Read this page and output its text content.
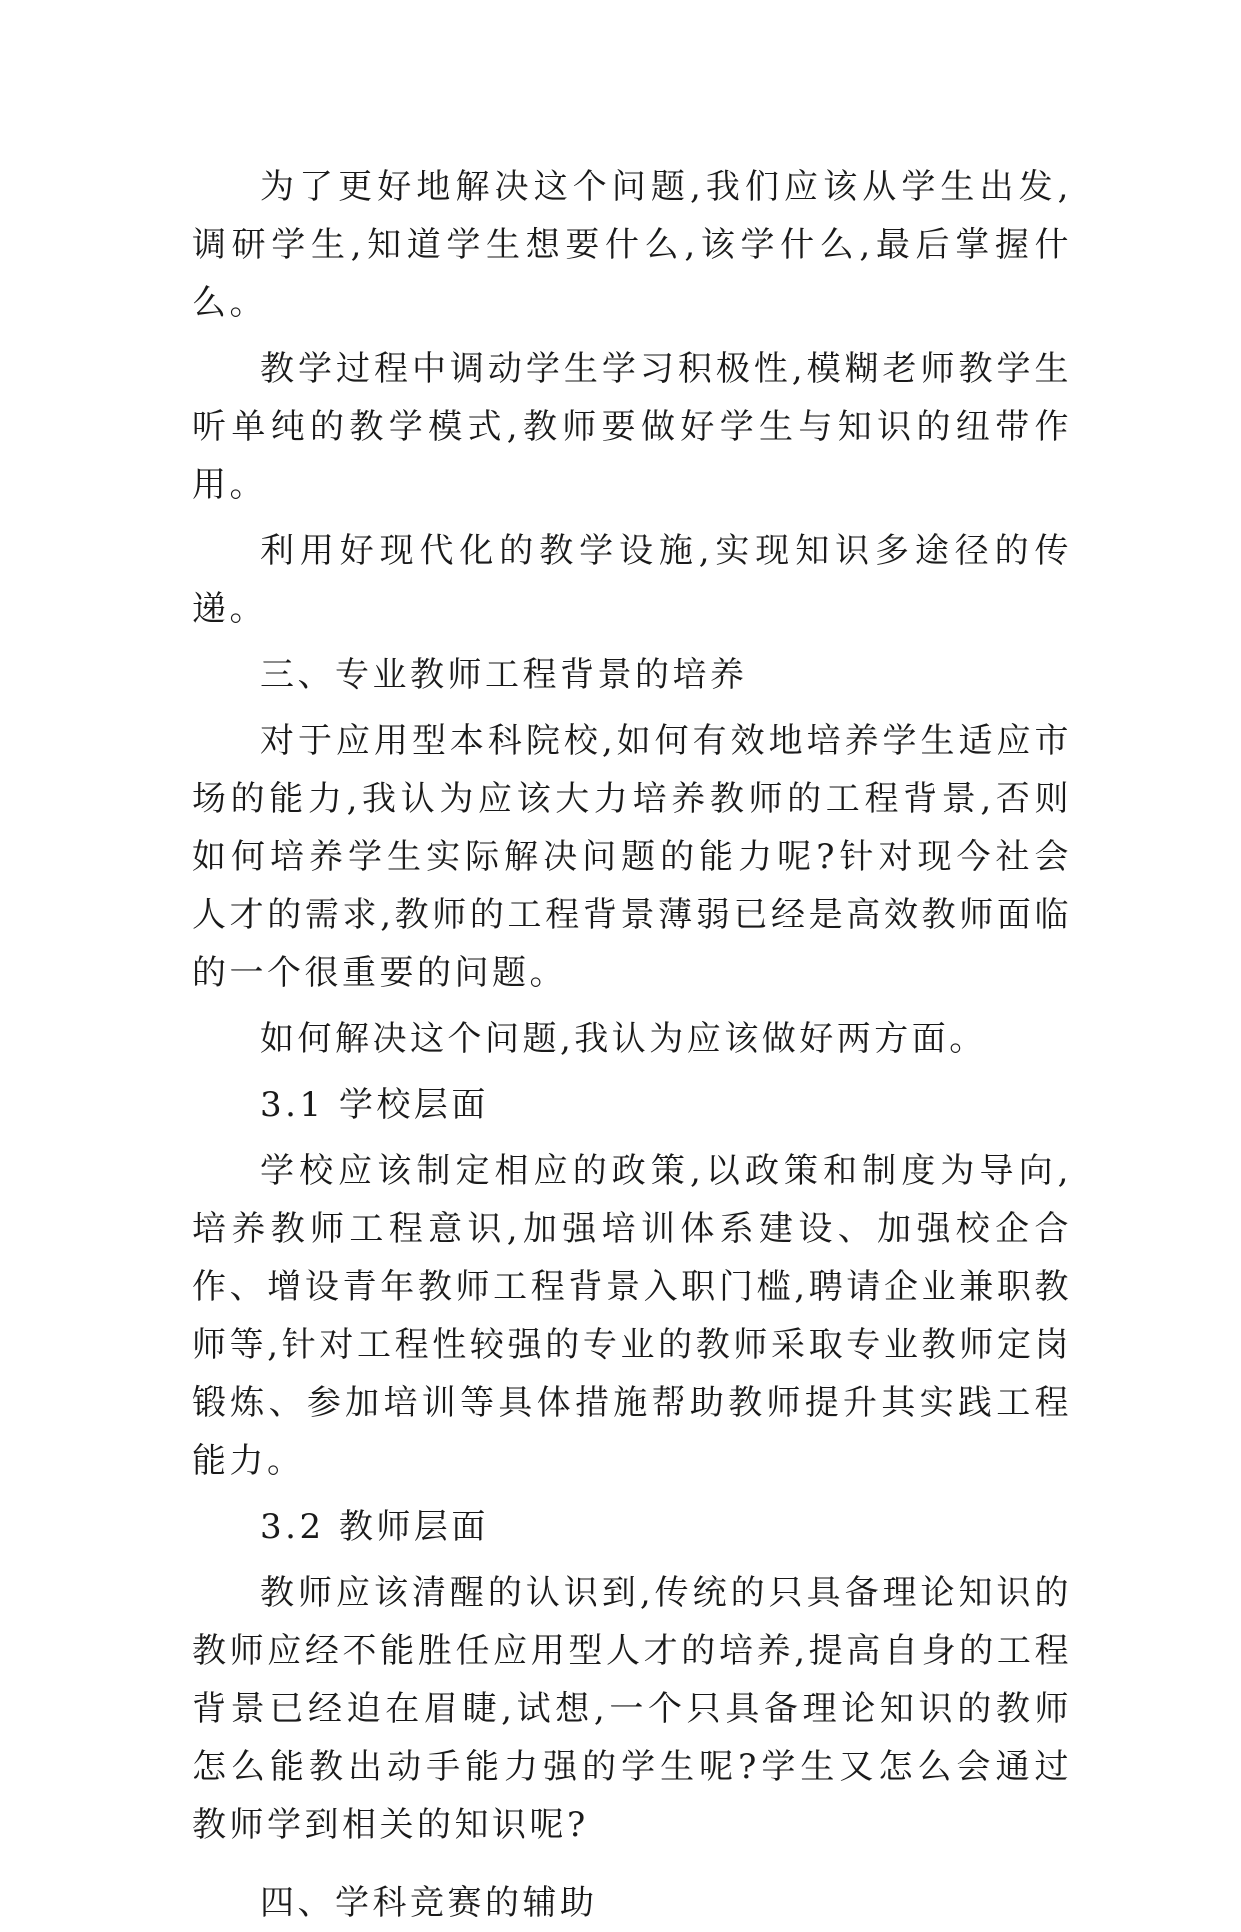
为了更好地解决这个问题,我们应该从学生出发,调研学生,知道学生想要什么,该学什么,最后掌握什么。

教学过程中调动学生学习积极性,模糊老师教学生听单纯的教学模式,教师要做好学生与知识的纽带作用。

利用好现代化的教学设施,实现知识多途径的传递。

三、专业教师工程背景的培养

对于应用型本科院校,如何有效地培养学生适应市场的能力,我认为应该大力培养教师的工程背景,否则如何培养学生实际解决问题的能力呢?针对现今社会人才的需求,教师的工程背景薄弱已经是高效教师面临的一个很重要的问题。

如何解决这个问题,我认为应该做好两方面。

3.1 学校层面

学校应该制定相应的政策,以政策和制度为导向,培养教师工程意识,加强培训体系建设、加强校企合作、增设青年教师工程背景入职门槛,聘请企业兼职教师等,针对工程性较强的专业的教师采取专业教师定岗锻炼、参加培训等具体措施帮助教师提升其实践工程能力。

3.2 教师层面

教师应该清醒的认识到,传统的只具备理论知识的教师应经不能胜任应用型人才的培养,提高自身的工程背景已经迫在眉睫,试想,一个只具备理论知识的教师怎么能教出动手能力强的学生呢?学生又怎么会通过教师学到相关的知识呢?

四、学科竞赛的辅助
